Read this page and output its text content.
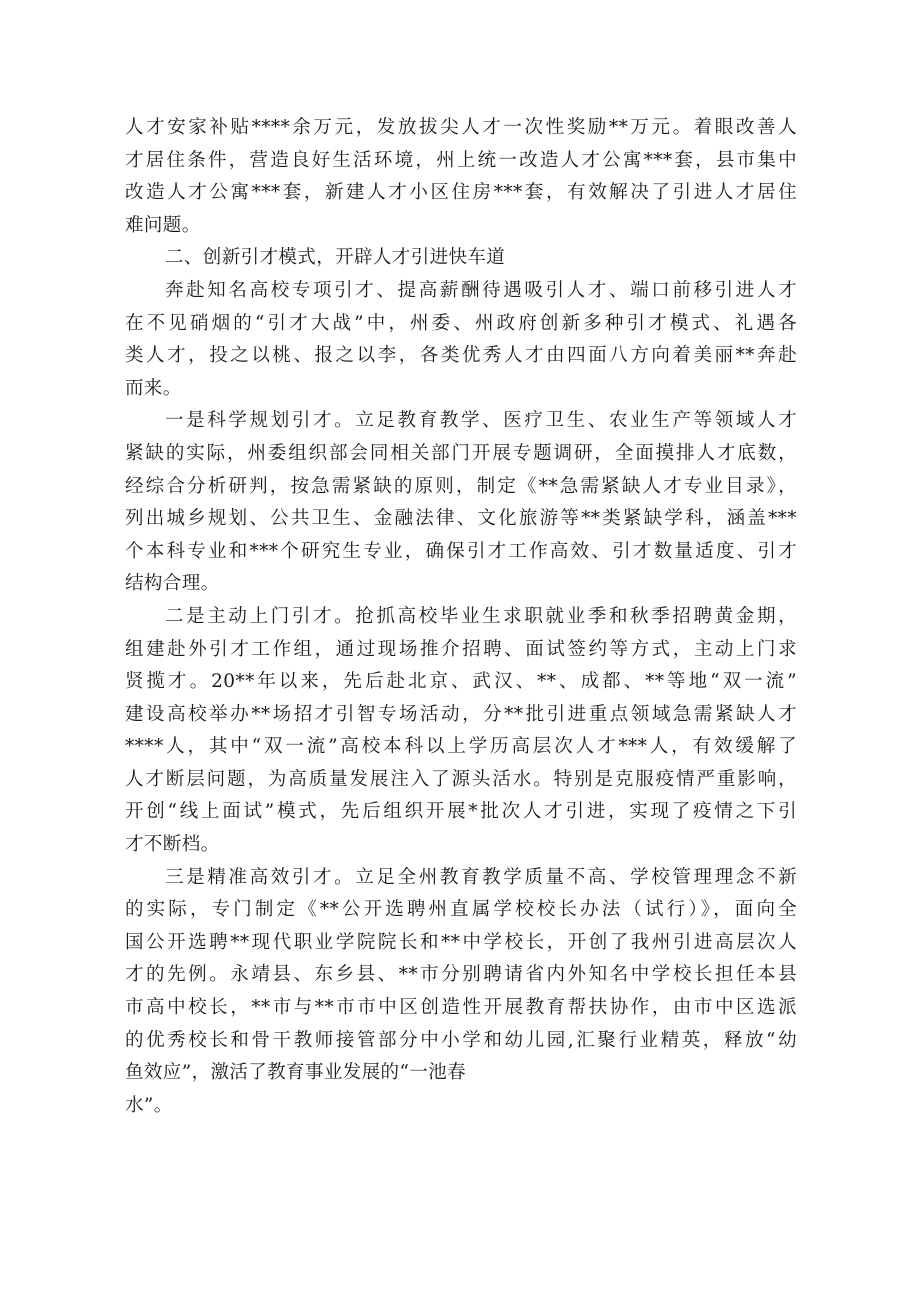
人才安家补贴****余万元，发放拔尖人才一次性奖励**万元。着眼改善人
才居住条件，营造良好生活环境，州上统一改造人才公寓***套，县市集中
改造人才公寓***套，新建人才小区住房***套，有效解决了引进人才居住
难问题。
二、创新引才模式，开辟人才引进快车道
奔赴知名高校专项引才、提高薪酬待遇吸引人才、端口前移引进人才
在不见硝烟的“引才大战”中，州委、州政府创新多种引才模式、礼遇各
类人才，投之以桃、报之以李，各类优秀人才由四面八方向着美丽**奔赴
而来。
一是科学规划引才。立足教育教学、医疗卫生、农业生产等领域人才
紧缺的实际，州委组织部会同相关部门开展专题调研，全面摸排人才底数，
经综合分析研判，按急需紧缺的原则，制定《**急需紧缺人才专业目录》，
列出城乡规划、公共卫生、金融法律、文化旅游等**类紧缺学科，涵盖***
个本科专业和***个研究生专业，确保引才工作高效、引才数量适度、引才
结构合理。
二是主动上门引才。抢抓高校毕业生求职就业季和秋季招聘黄金期，
组建赴外引才工作组，通过现场推介招聘、面试签约等方式，主动上门求
贤揽才。20**年以来，先后赴北京、武汉、**、成都、**等地“双一流”
建设高校举办**场招才引智专场活动，分**批引进重点领域急需紧缺人才
****人，其中“双一流”高校本科以上学历高层次人才***人，有效缓解了
人才断层问题，为高质量发展注入了源头活水。特别是克服疫情严重影响，
开创“线上面试”模式，先后组织开展*批次人才引进，实现了疫情之下引
才不断档。
三是精准高效引才。立足全州教育教学质量不高、学校管理理念不新
的实际，专门制定《**公开选聘州直属学校校长办法（试行）》，面向全
国公开选聘**现代职业学院院长和**中学校长，开创了我州引进高层次人
才的先例。永靖县、东乡县、**市分别聘请省内外知名中学校长担任本县
市高中校长，**市与**市市中区创造性开展教育帮扶协作，由市中区选派
的优秀校长和骨干教师接管部分中小学和幼儿园,汇聚行业精英，释放“幼
鱼效应”，激活了教育事业发展的“一池春
水”。
